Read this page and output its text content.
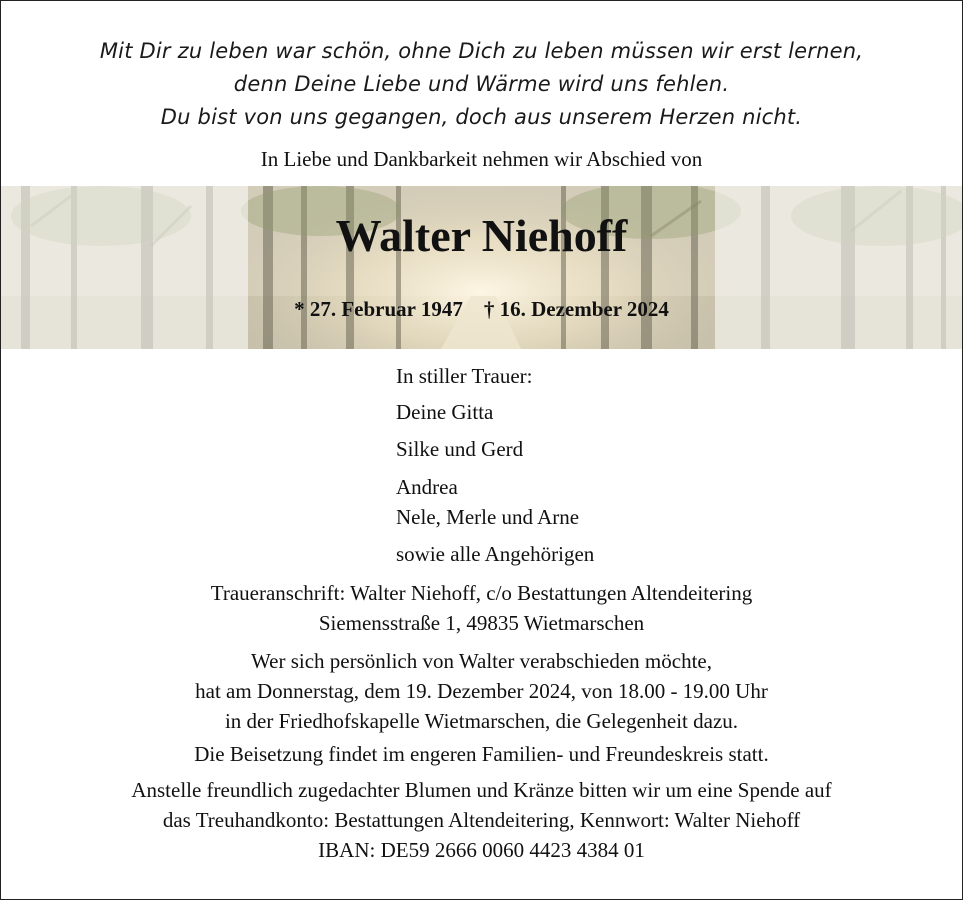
Mit Dir zu leben war schön, ohne Dich zu leben müssen wir erst lernen,
denn Deine Liebe und Wärme wird uns fehlen.
Du bist von uns gegangen, doch aus unserem Herzen nicht.
In Liebe und Dankbarkeit nehmen wir Abschied von
Walter Niehoff
* 27. Februar 1947 † 16. Dezember 2024
In stiller Trauer:
Deine Gitta
Silke und Gerd
Andrea
Nele, Merle und Arne
sowie alle Angehörigen
Traueranschrift: Walter Niehoff, c/o Bestattungen Altendeitering
Siemensstraße 1, 49835 Wietmarschen
Wer sich persönlich von Walter verabschieden möchte,
hat am Donnerstag, dem 19. Dezember 2024, von 18.00 - 19.00 Uhr
in der Friedhofskapelle Wietmarschen, die Gelegenheit dazu.
Die Beisetzung findet im engeren Familien- und Freundeskreis statt.
Anstelle freundlich zugedachter Blumen und Kränze bitten wir um eine Spende auf
das Treuhandkonto: Bestattungen Altendeitering, Kennwort: Walter Niehoff
IBAN: DE59 2666 0060 4423 4384 01
